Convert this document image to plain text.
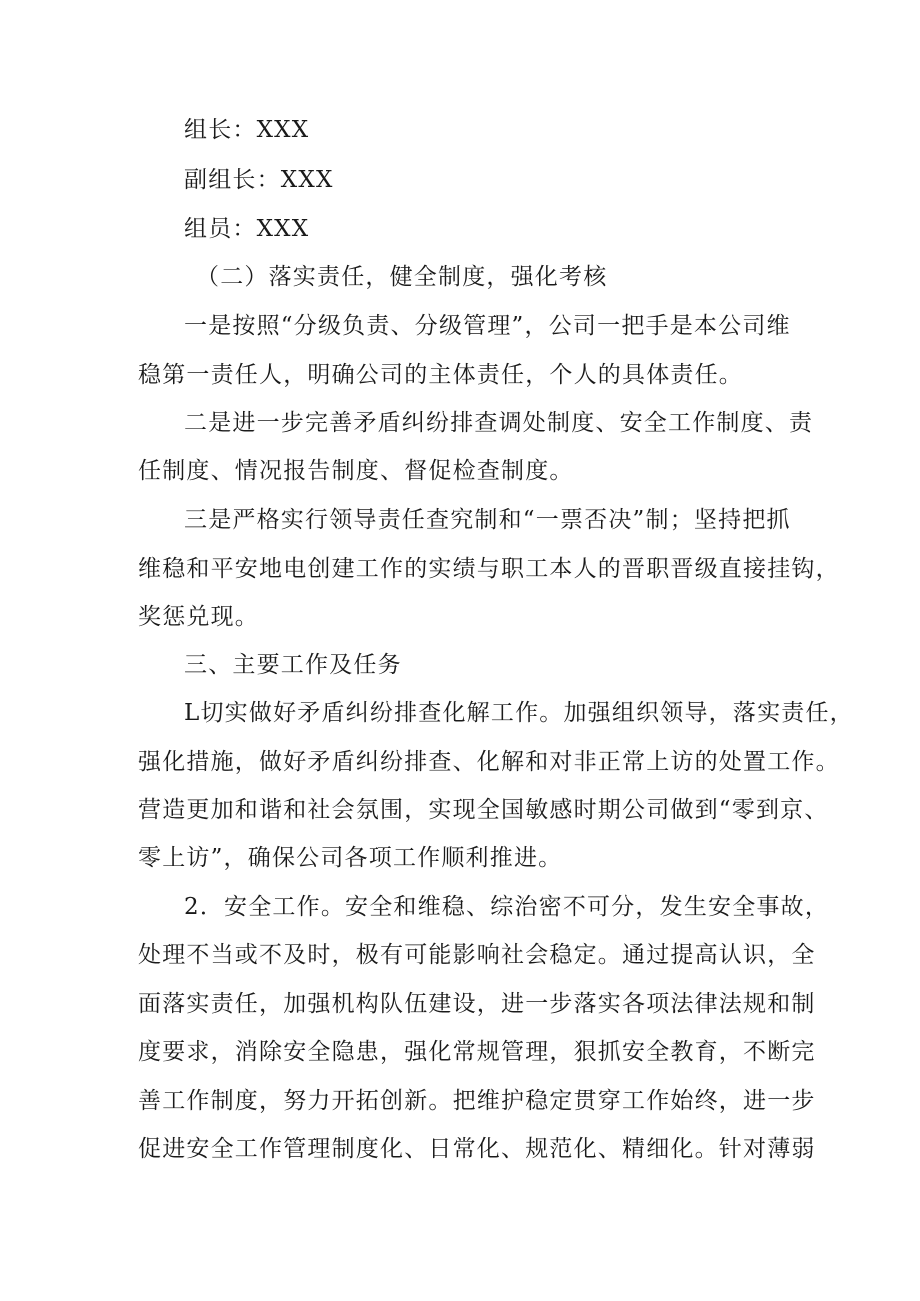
组长：XXX
副组长：XXX
组员：XXX
（二）落实责任，健全制度，强化考核
一是按照“分级负责、分级管理”，公司一把手是本公司维
稳第一责任人，明确公司的主体责任，个人的具体责任。
二是进一步完善矛盾纠纷排查调处制度、安全工作制度、责
任制度、情况报告制度、督促检查制度。
三是严格实行领导责任查究制和“一票否决”制；坚持把抓
维稳和平安地电创建工作的实绩与职工本人的晋职晋级直接挂钩，
奖惩兑现。
三、主要工作及任务
L切实做好矛盾纠纷排查化解工作。加强组织领导，落实责任，
强化措施，做好矛盾纠纷排查、化解和对非正常上访的处置工作。
营造更加和谐和社会氛围，实现全国敏感时期公司做到“零到京、
零上访”，确保公司各项工作顺利推进。
2．安全工作。安全和维稳、综治密不可分，发生安全事故，
处理不当或不及时，极有可能影响社会稳定。通过提高认识，全
面落实责任，加强机构队伍建设，进一步落实各项法律法规和制
度要求，消除安全隐患，强化常规管理，狠抓安全教育，不断完
善工作制度，努力开拓创新。把维护稳定贯穿工作始终，进一步
促进安全工作管理制度化、日常化、规范化、精细化。针对薄弱
